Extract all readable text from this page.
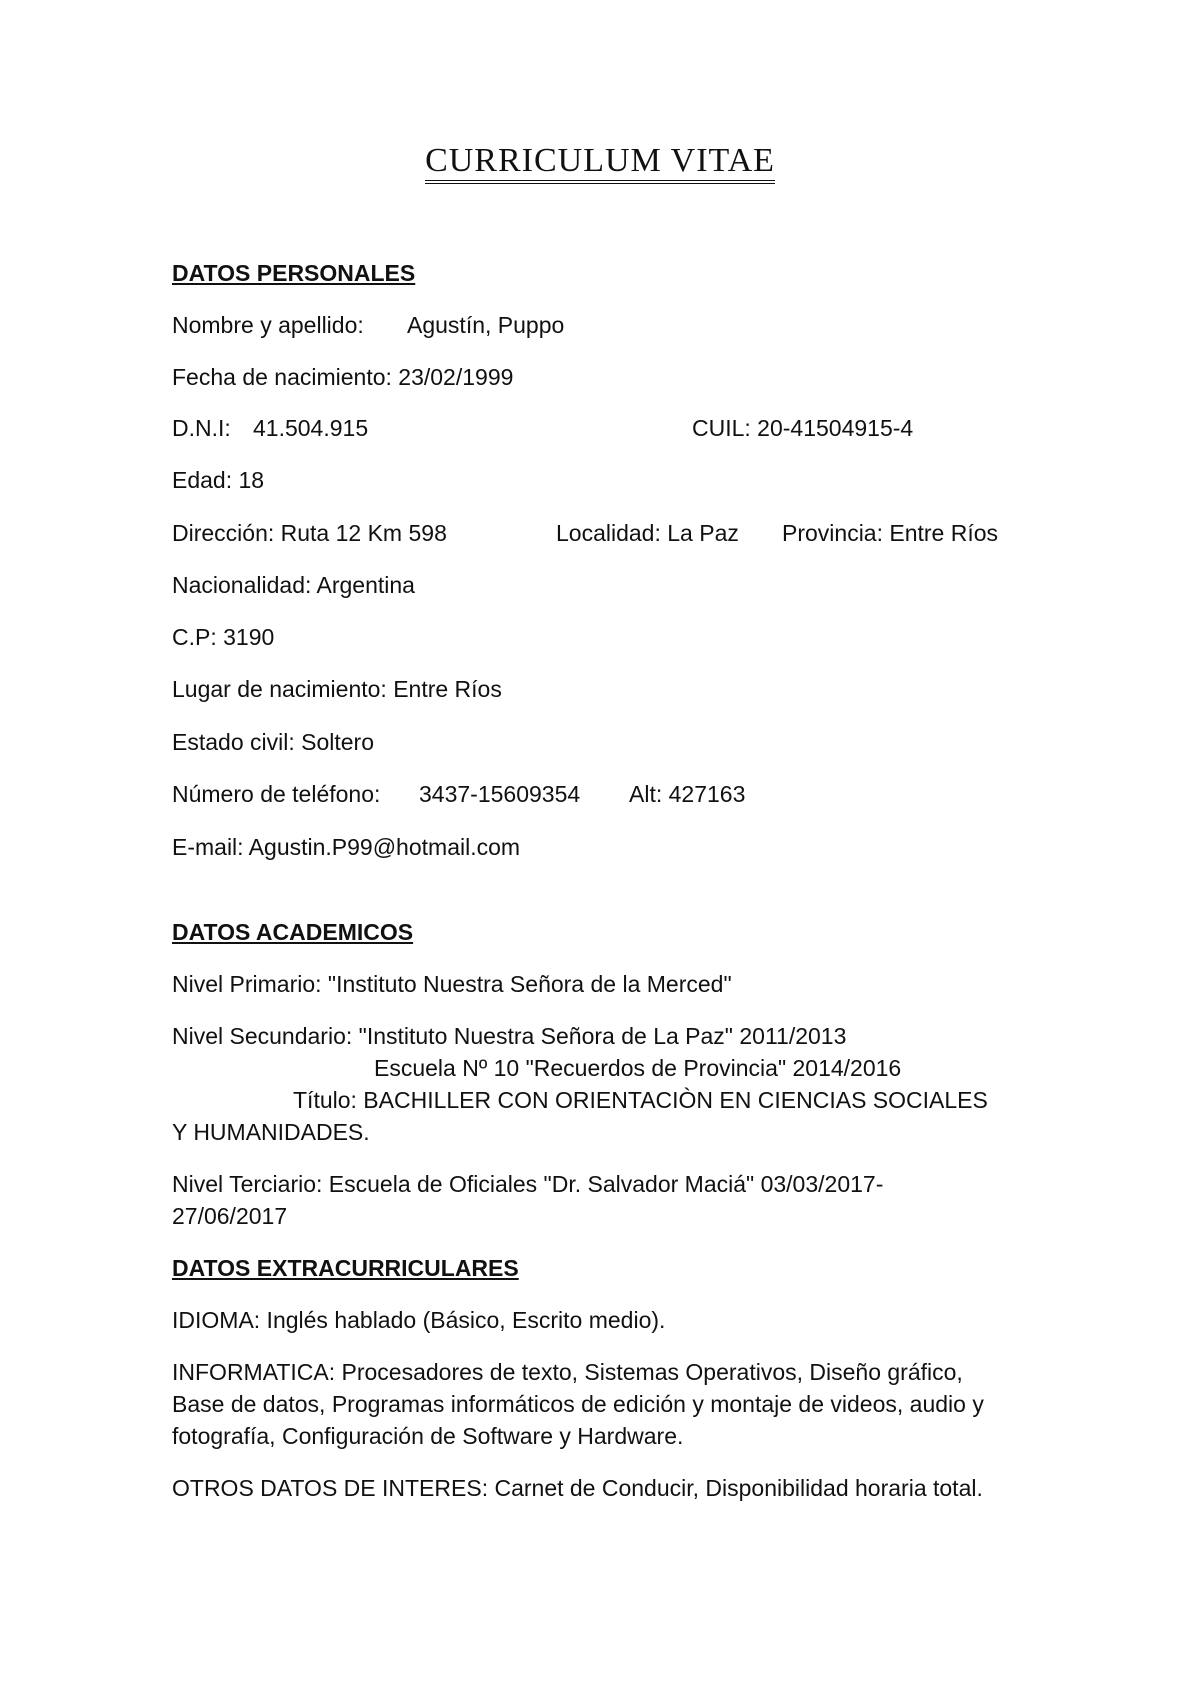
CURRICULUM VITAE
DATOS PERSONALES
Nombre y apellido: Agustín, Puppo
Fecha de nacimiento: 23/02/1999
D.N.I: 41.504.915	CUIL: 20-41504915-4
Edad: 18
Dirección: Ruta 12 Km 598	Localidad: La Paz Provincia: Entre Ríos
Nacionalidad: Argentina
C.P: 3190
Lugar de nacimiento: Entre Ríos
Estado civil: Soltero
Número de teléfono: 3437-15609354 Alt: 427163
E-mail: Agustin.P99@hotmail.com
DATOS ACADEMICOS
Nivel Primario: "Instituto Nuestra Señora de la Merced"
Nivel Secundario: "Instituto Nuestra Señora de La Paz" 2011/2013
Escuela Nº 10 "Recuerdos de Provincia" 2014/2016
Título: BACHILLER CON ORIENTACIÒN EN CIENCIAS SOCIALES
Y HUMANIDADES.
Nivel Terciario: Escuela de Oficiales "Dr. Salvador Maciá" 03/03/2017-
27/06/2017
DATOS EXTRACURRICULARES
IDIOMA: Inglés hablado (Básico, Escrito medio).
INFORMATICA: Procesadores de texto, Sistemas Operativos, Diseño gráfico,
Base de datos, Programas informáticos de edición y montaje de videos, audio y
fotografía, Configuración de Software y Hardware.
OTROS DATOS DE INTERES: Carnet de Conducir, Disponibilidad horaria total.
